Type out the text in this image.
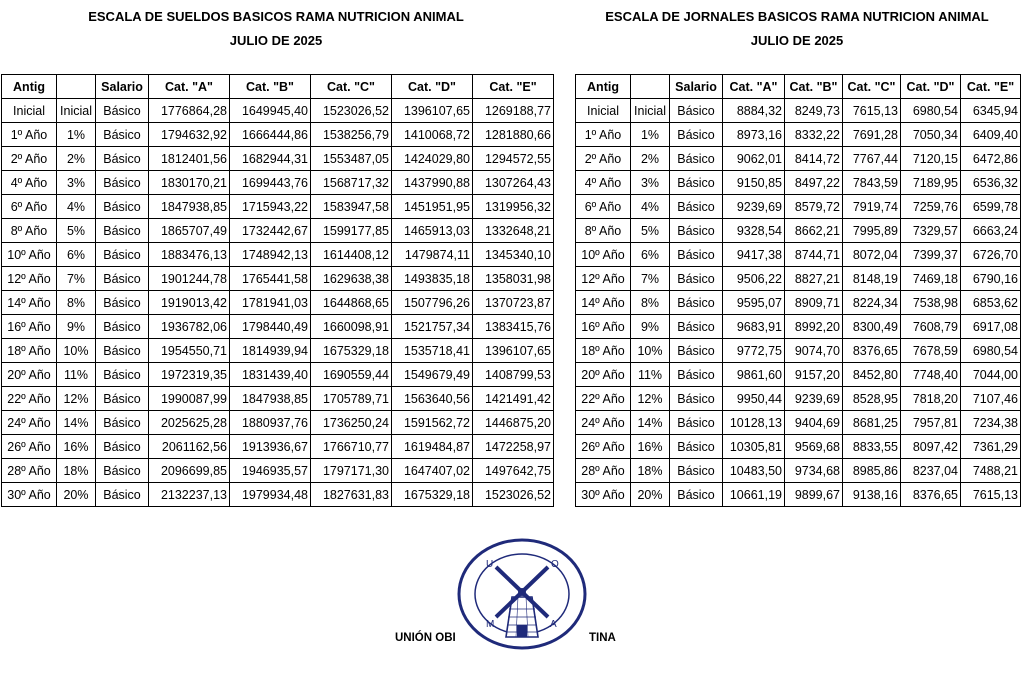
ESCALA DE SUELDOS BASICOS RAMA NUTRICION ANIMAL
JULIO DE 2025
ESCALA DE JORNALES BASICOS RAMA NUTRICION ANIMAL
JULIO DE 2025
Antig		Salario	Cat. "A"	Cat. "B"	Cat. "C"	Cat. "D"	Cat. "E"
Inicial	Inicial	Básico	1776864,28	1649945,40	1523026,52	1396107,65	1269188,77
1º Año	1%	Básico	1794632,92	1666444,86	1538256,79	1410068,72	1281880,66
2º Año	2%	Básico	1812401,56	1682944,31	1553487,05	1424029,80	1294572,55
4º Año	3%	Básico	1830170,21	1699443,76	1568717,32	1437990,88	1307264,43
6º Año	4%	Básico	1847938,85	1715943,22	1583947,58	1451951,95	1319956,32
8º Año	5%	Básico	1865707,49	1732442,67	1599177,85	1465913,03	1332648,21
10º Año	6%	Básico	1883476,13	1748942,13	1614408,12	1479874,11	1345340,10
12º Año	7%	Básico	1901244,78	1765441,58	1629638,38	1493835,18	1358031,98
14º Año	8%	Básico	1919013,42	1781941,03	1644868,65	1507796,26	1370723,87
16º Año	9%	Básico	1936782,06	1798440,49	1660098,91	1521757,34	1383415,76
18º Año	10%	Básico	1954550,71	1814939,94	1675329,18	1535718,41	1396107,65
20º Año	11%	Básico	1972319,35	1831439,40	1690559,44	1549679,49	1408799,53
22º Año	12%	Básico	1990087,99	1847938,85	1705789,71	1563640,56	1421491,42
24º Año	14%	Básico	2025625,28	1880937,76	1736250,24	1591562,72	1446875,20
26º Año	16%	Básico	2061162,56	1913936,67	1766710,77	1619484,87	1472258,97
28º Año	18%	Básico	2096699,85	1946935,57	1797171,30	1647407,02	1497642,75
30º Año	20%	Básico	2132237,13	1979934,48	1827631,83	1675329,18	1523026,52
Antig		Salario	Cat. "A"	Cat. "B"	Cat. "C"	Cat. "D"	Cat. "E"
Inicial	Inicial	Básico	8884,32	8249,73	7615,13	6980,54	6345,94
1º Año	1%	Básico	8973,16	8332,22	7691,28	7050,34	6409,40
2º Año	2%	Básico	9062,01	8414,72	7767,44	7120,15	6472,86
4º Año	3%	Básico	9150,85	8497,22	7843,59	7189,95	6536,32
6º Año	4%	Básico	9239,69	8579,72	7919,74	7259,76	6599,78
8º Año	5%	Básico	9328,54	8662,21	7995,89	7329,57	6663,24
10º Año	6%	Básico	9417,38	8744,71	8072,04	7399,37	6726,70
12º Año	7%	Básico	9506,22	8827,21	8148,19	7469,18	6790,16
14º Año	8%	Básico	9595,07	8909,71	8224,34	7538,98	6853,62
16º Año	9%	Básico	9683,91	8992,20	8300,49	7608,79	6917,08
18º Año	10%	Básico	9772,75	9074,70	8376,65	7678,59	6980,54
20º Año	11%	Básico	9861,60	9157,20	8452,80	7748,40	7044,00
22º Año	12%	Básico	9950,44	9239,69	8528,95	7818,20	7107,46
24º Año	14%	Básico	10128,13	9404,69	8681,25	7957,81	7234,38
26º Año	16%	Básico	10305,81	9569,68	8833,55	8097,42	7361,29
28º Año	18%	Básico	10483,50	9734,68	8985,86	8237,04	7488,21
30º Año	20%	Básico	10661,19	9899,67	9138,16	8376,65	7615,13
U	O
M	A
UNIÓN OBI	TINA
